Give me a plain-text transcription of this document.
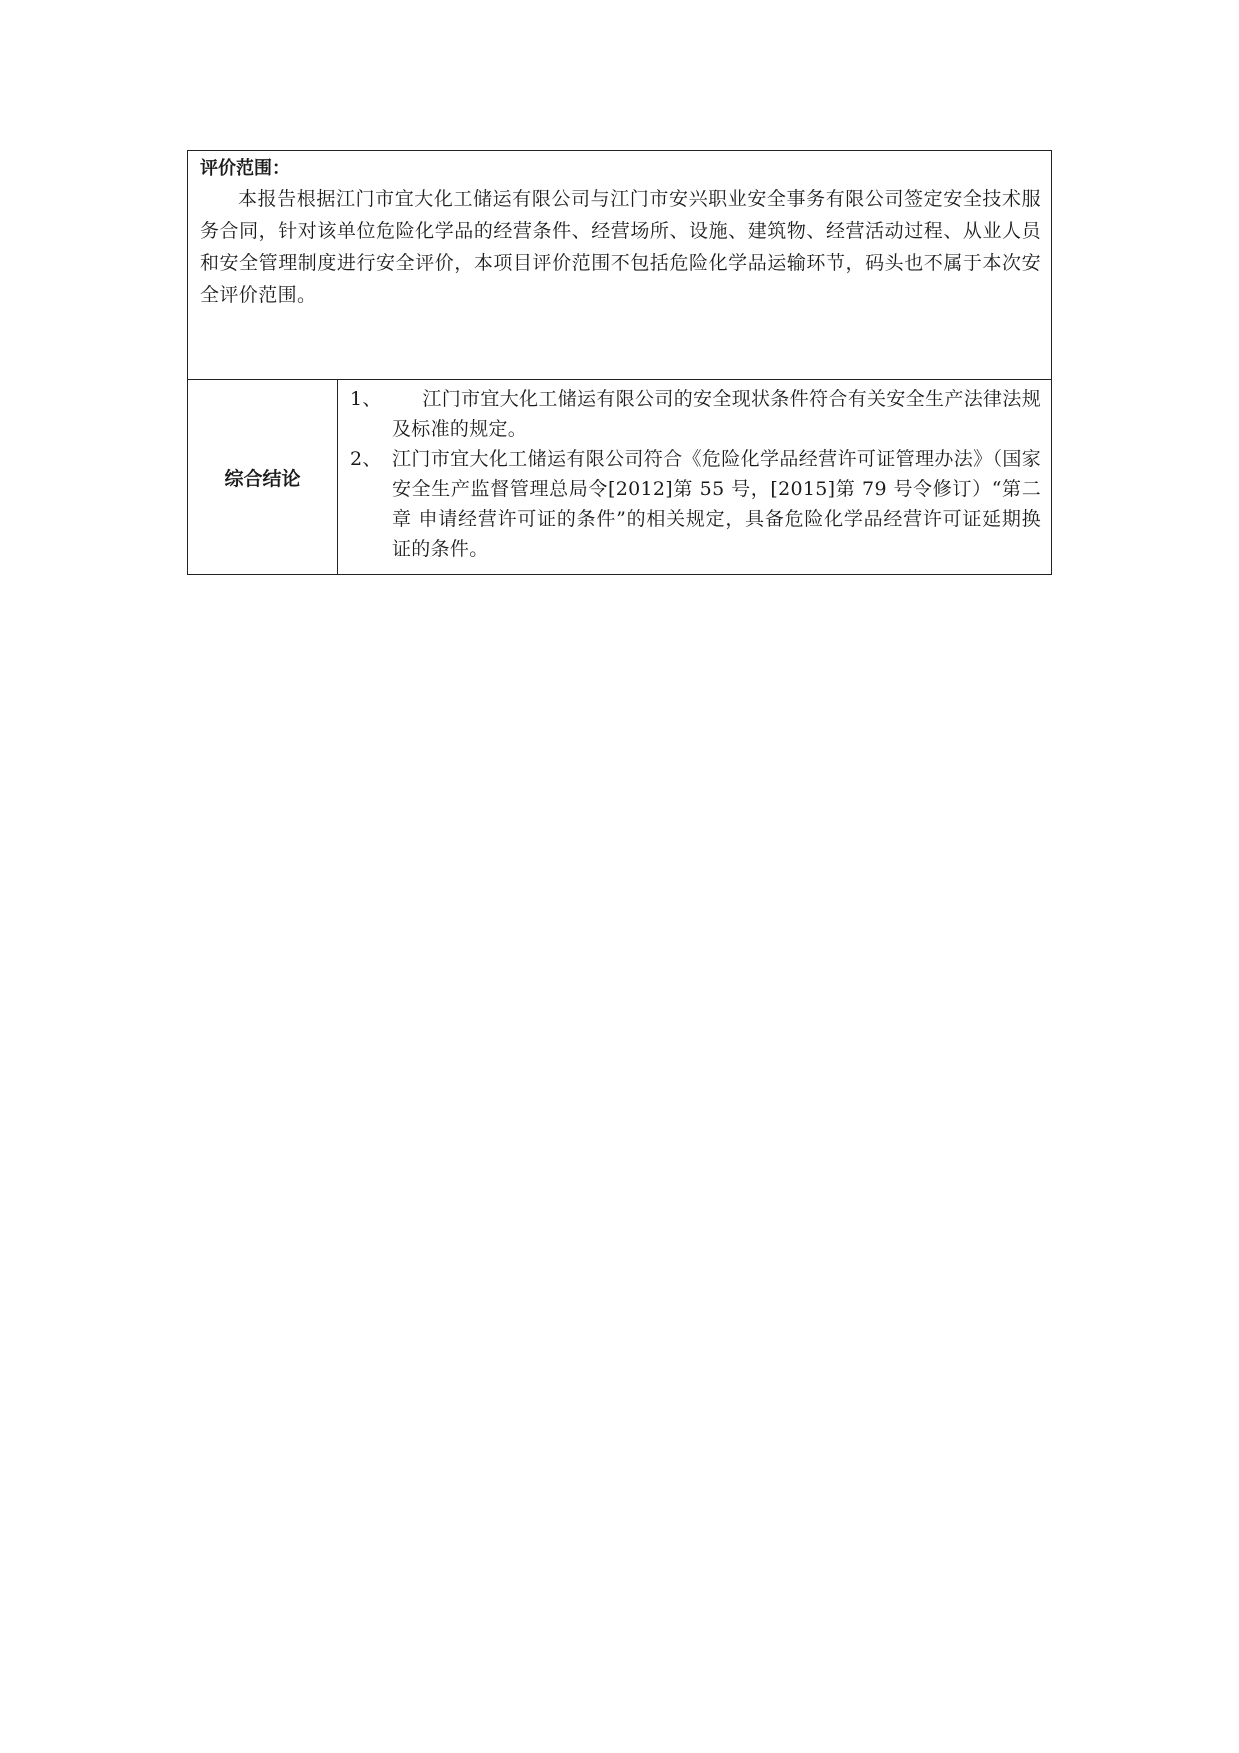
评价范围：

本报告根据江门市宜大化工储运有限公司与江门市安兴职业安全事务有限公司签定安全技术服务合同，针对该单位危险化学品的经营条件、经营场所、设施、建筑物、经营活动过程、从业人员和安全管理制度进行安全评价，本项目评价范围不包括危险化学品运输环节，码头也不属于本次安全评价范围。

综合结论	
1、	江门市宜大化工储运有限公司的安全现状条件符合有关安全生产法律法规及标准的规定。
2、 江门市宜大化工储运有限公司符合《危险化学品经营许可证管理办法》（国家安全生产监督管理总局令[2012]第 55 号，[2015]第 79 号令修订）“第二章 申请经营许可证的条件”的相关规定，具备危险化学品经营许可证延期换证的条件。
